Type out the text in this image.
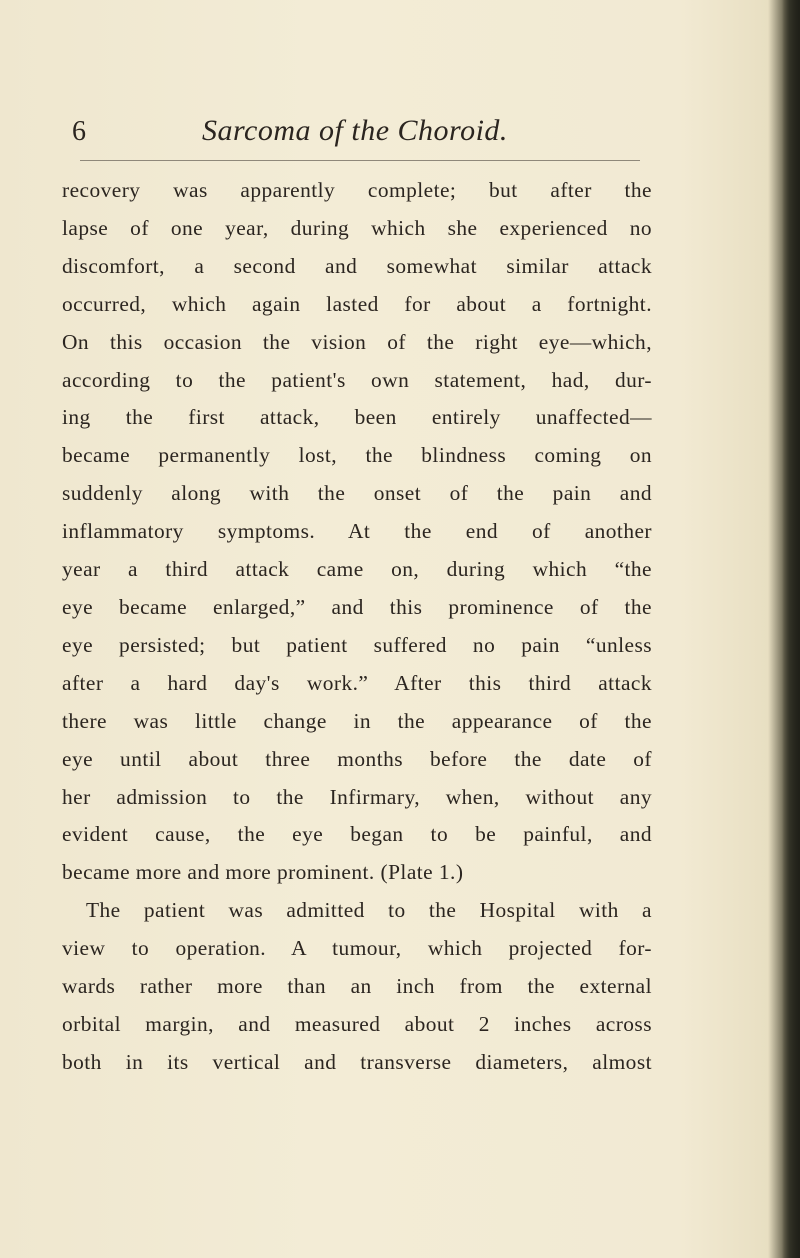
6	Sarcoma of the Choroid.
recovery was apparently complete; but after the
lapse of one year, during which she experienced no
discomfort, a second and somewhat similar attack
occurred, which again lasted for about a fortnight.
On this occasion the vision of the right eye—which,
according to the patient's own statement, had, dur-
ing the first attack, been entirely unaffected—
became permanently lost, the blindness coming on
suddenly along with the onset of the pain and
inflammatory symptoms. At the end of another
year a third attack came on, during which “the
eye became enlarged,” and this prominence of the
eye persisted; but patient suffered no pain “unless
after a hard day's work.” After this third attack
there was little change in the appearance of the
eye until about three months before the date of
her admission to the Infirmary, when, without any
evident cause, the eye began to be painful, and
became more and more prominent. (Plate 1.)
The patient was admitted to the Hospital with a
view to operation. A tumour, which projected for-
wards rather more than an inch from the external
orbital margin, and measured about 2 inches across
both in its vertical and transverse diameters, almost
